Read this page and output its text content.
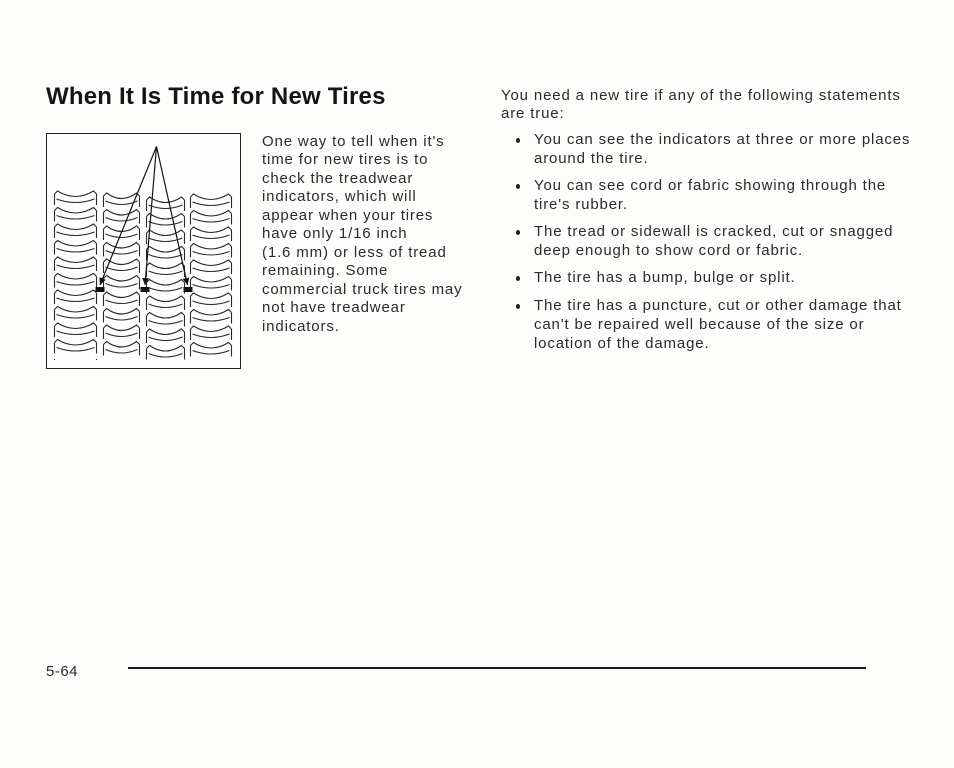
When It Is Time for New Tires
One way to tell when it's
time for new tires is to
check the treadwear
indicators, which will
appear when your tires
have only 1/16 inch
(1.6 mm) or less of tread
remaining. Some
commercial truck tires may
not have treadwear
indicators.
You need a new tire if any of the following statements
are true:
You can see the indicators at three or more places
around the tire.
You can see cord or fabric showing through the
tire's rubber.
The tread or sidewall is cracked, cut or snagged
deep enough to show cord or fabric.
The tire has a bump, bulge or split.
The tire has a puncture, cut or other damage that
can't be repaired well because of the size or
location of the damage.
5-64
